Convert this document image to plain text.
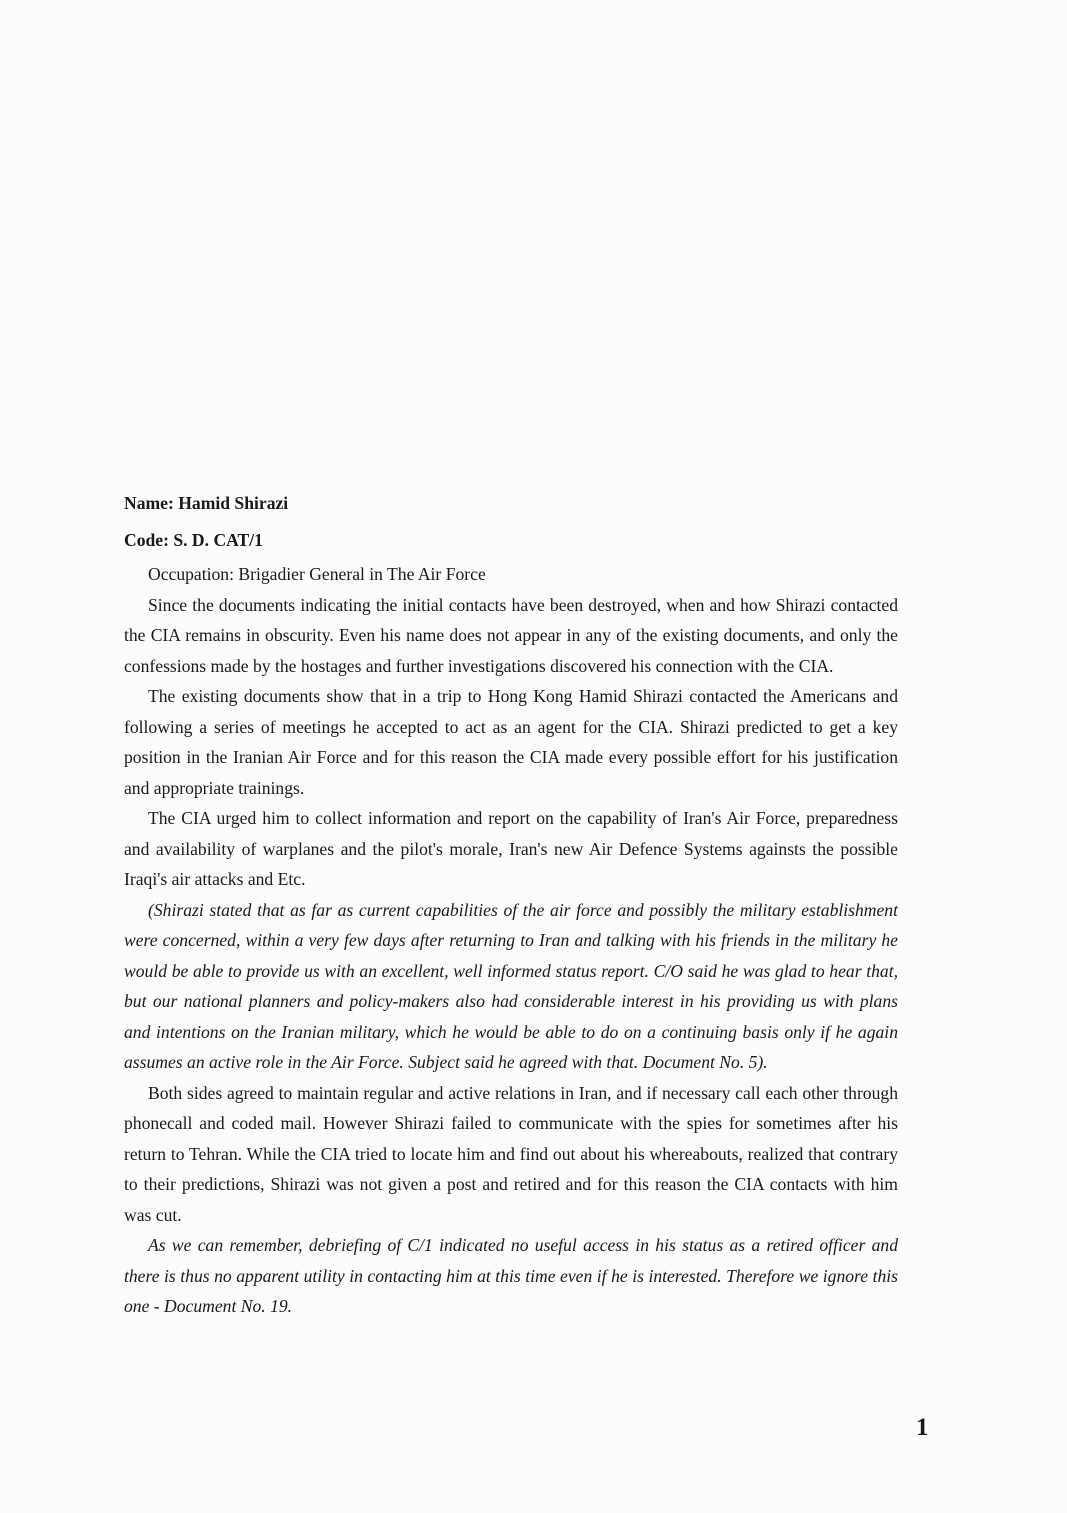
Name: Hamid Shirazi

Code: S. D. CAT/1

Occupation: Brigadier General in The Air Force

Since the documents indicating the initial contacts have been destroyed, when and how Shirazi contacted the CIA remains in obscurity. Even his name does not appear in any of the existing documents, and only the confessions made by the hostages and further investigations discovered his connection with the CIA.

The existing documents show that in a trip to Hong Kong Hamid Shirazi contacted the Americans and following a series of meetings he accepted to act as an agent for the CIA. Shirazi predicted to get a key position in the Iranian Air Force and for this reason the CIA made every possible effort for his justification and appropriate trainings.

The CIA urged him to collect information and report on the capability of Iran's Air Force, preparedness and availability of warplanes and the pilot's morale, Iran's new Air Defence Systems againsts the possible Iraqi's air attacks and Etc.

(Shirazi stated that as far as current capabilities of the air force and possibly the military establishment were concerned, within a very few days after returning to Iran and talking with his friends in the military he would be able to provide us with an excellent, well informed status report. C/O said he was glad to hear that, but our national planners and policy-makers also had considerable interest in his providing us with plans and intentions on the Iranian military, which he would be able to do on a continuing basis only if he again assumes an active role in the Air Force. Subject said he agreed with that. Document No. 5).

Both sides agreed to maintain regular and active relations in Iran, and if necessary call each other through phonecall and coded mail. However Shirazi failed to communicate with the spies for sometimes after his return to Tehran. While the CIA tried to locate him and find out about his whereabouts, realized that contrary to their predictions, Shirazi was not given a post and retired and for this reason the CIA contacts with him was cut.

As we can remember, debriefing of C/1 indicated no useful access in his status as a retired officer and there is thus no apparent utility in contacting him at this time even if he is interested. Therefore we ignore this one - Document No. 19.

1
